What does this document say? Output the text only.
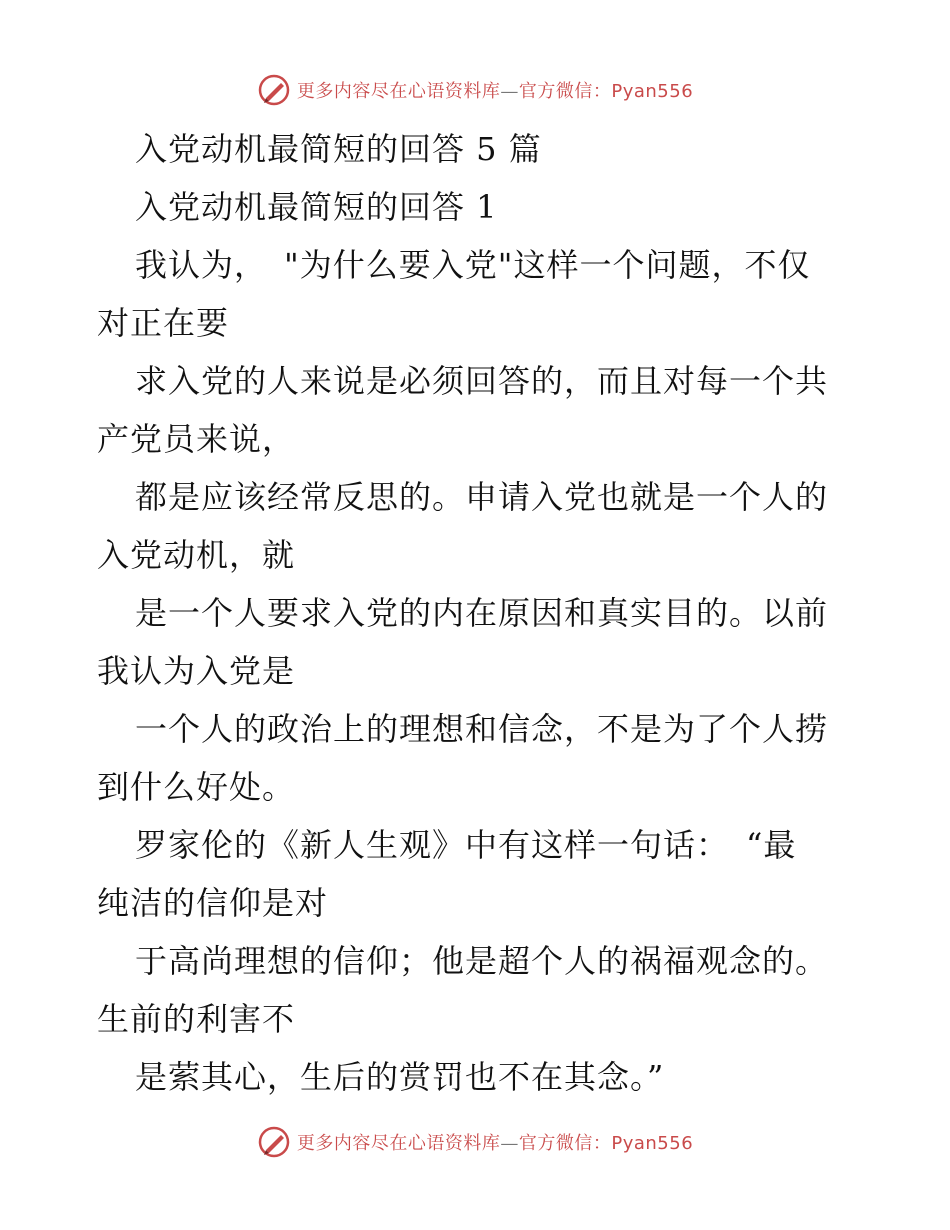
更多内容尽在心语资料库—官方微信：Pyan556
入党动机最简短的回答 5 篇
入党动机最简短的回答 1
我认为，　"为什么要入党"这样一个问题，不仅
对正在要
求入党的人来说是必须回答的，而且对每一个共
产党员来说，
都是应该经常反思的。申请入党也就是一个人的
入党动机，就
是一个人要求入党的内在原因和真实目的。以前
我认为入党是
一个人的政治上的理想和信念，不是为了个人捞
到什么好处。
罗家伦的《新人生观》中有这样一句话：　“最
纯洁的信仰是对
于高尚理想的信仰；他是超个人的祸福观念的。
生前的利害不
是萦其心，生后的赏罚也不在其念。”
更多内容尽在心语资料库—官方微信：Pyan556
